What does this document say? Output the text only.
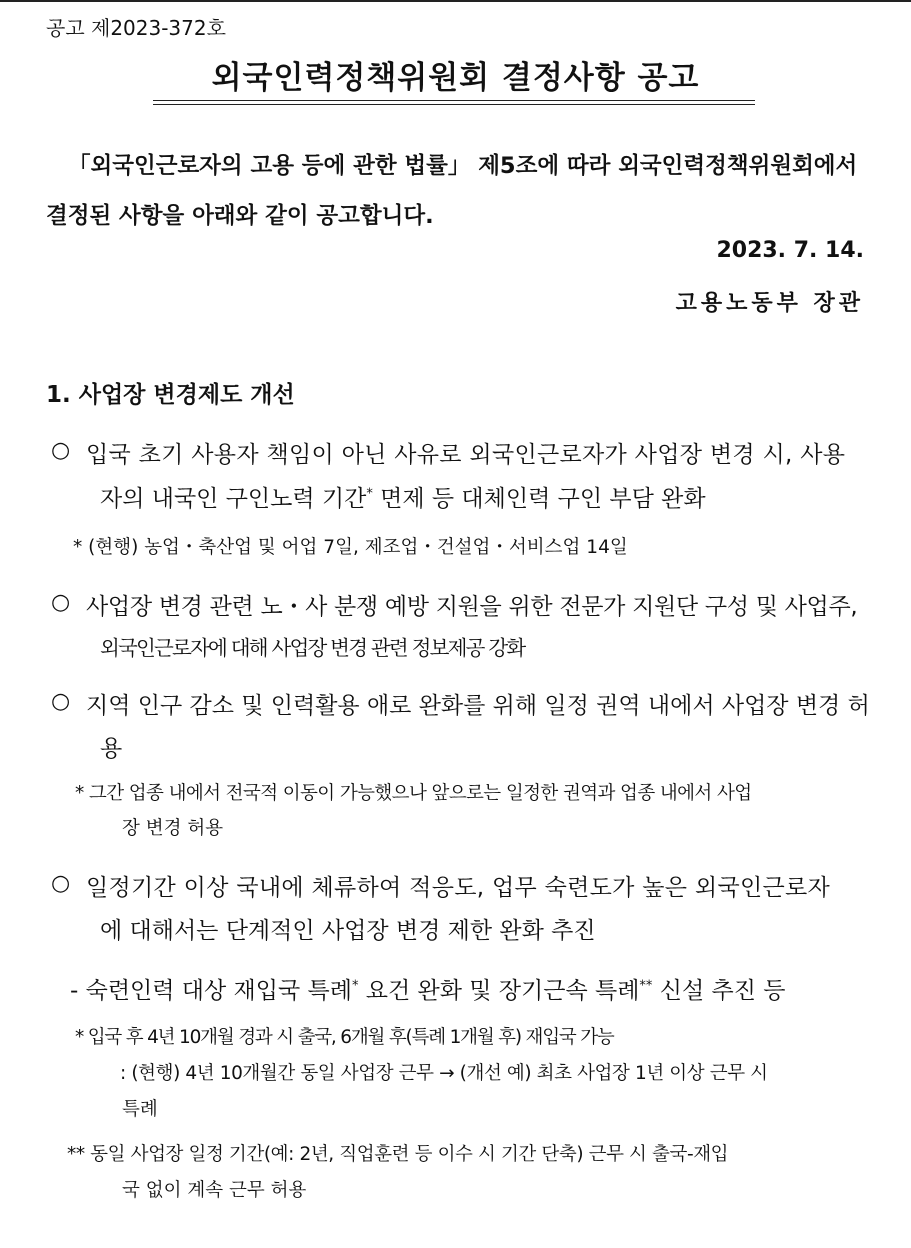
공고 제2023-372호
외국인력정책위원회 결정사항 공고
「외국인근로자의 고용 등에 관한 법률」 제5조에 따라 외국인력정책위원회에서 결정된 사항을 아래와 같이 공고합니다.
2023. 7. 14.
고용노동부 장관
1. 사업장 변경제도 개선
○ 입국 초기 사용자 책임이 아닌 사유로 외국인근로자가 사업장 변경 시, 사용
자의 내국인 구인노력 기간* 면제 등 대체인력 구인 부담 완화
* (현행) 농업・축산업 및 어업 7일, 제조업・건설업・서비스업 14일
○ 사업장 변경 관련 노・사 분쟁 예방 지원을 위한 전문가 지원단 구성 및 사업주,
외국인근로자에 대해 사업장 변경 관련 정보제공 강화
○ 지역 인구 감소 및 인력활용 애로 완화를 위해 일정 권역 내에서 사업장 변경 허
용
* 그간 업종 내에서 전국적 이동이 가능했으나 앞으로는 일정한 권역과 업종 내에서 사업
장 변경 허용
○ 일정기간 이상 국내에 체류하여 적응도, 업무 숙련도가 높은 외국인근로자
에 대해서는 단계적인 사업장 변경 제한 완화 추진
- 숙련인력 대상 재입국 특례* 요건 완화 및 장기근속 특례** 신설 추진 등
* 입국 후 4년 10개월 경과 시 출국, 6개월 후(특례 1개월 후) 재입국 가능
: (현행) 4년 10개월간 동일 사업장 근무 → (개선 예) 최초 사업장 1년 이상 근무 시
특례
** 동일 사업장 일정 기간(예: 2년, 직업훈련 등 이수 시 기간 단축) 근무 시 출국-재입
국 없이 계속 근무 허용
